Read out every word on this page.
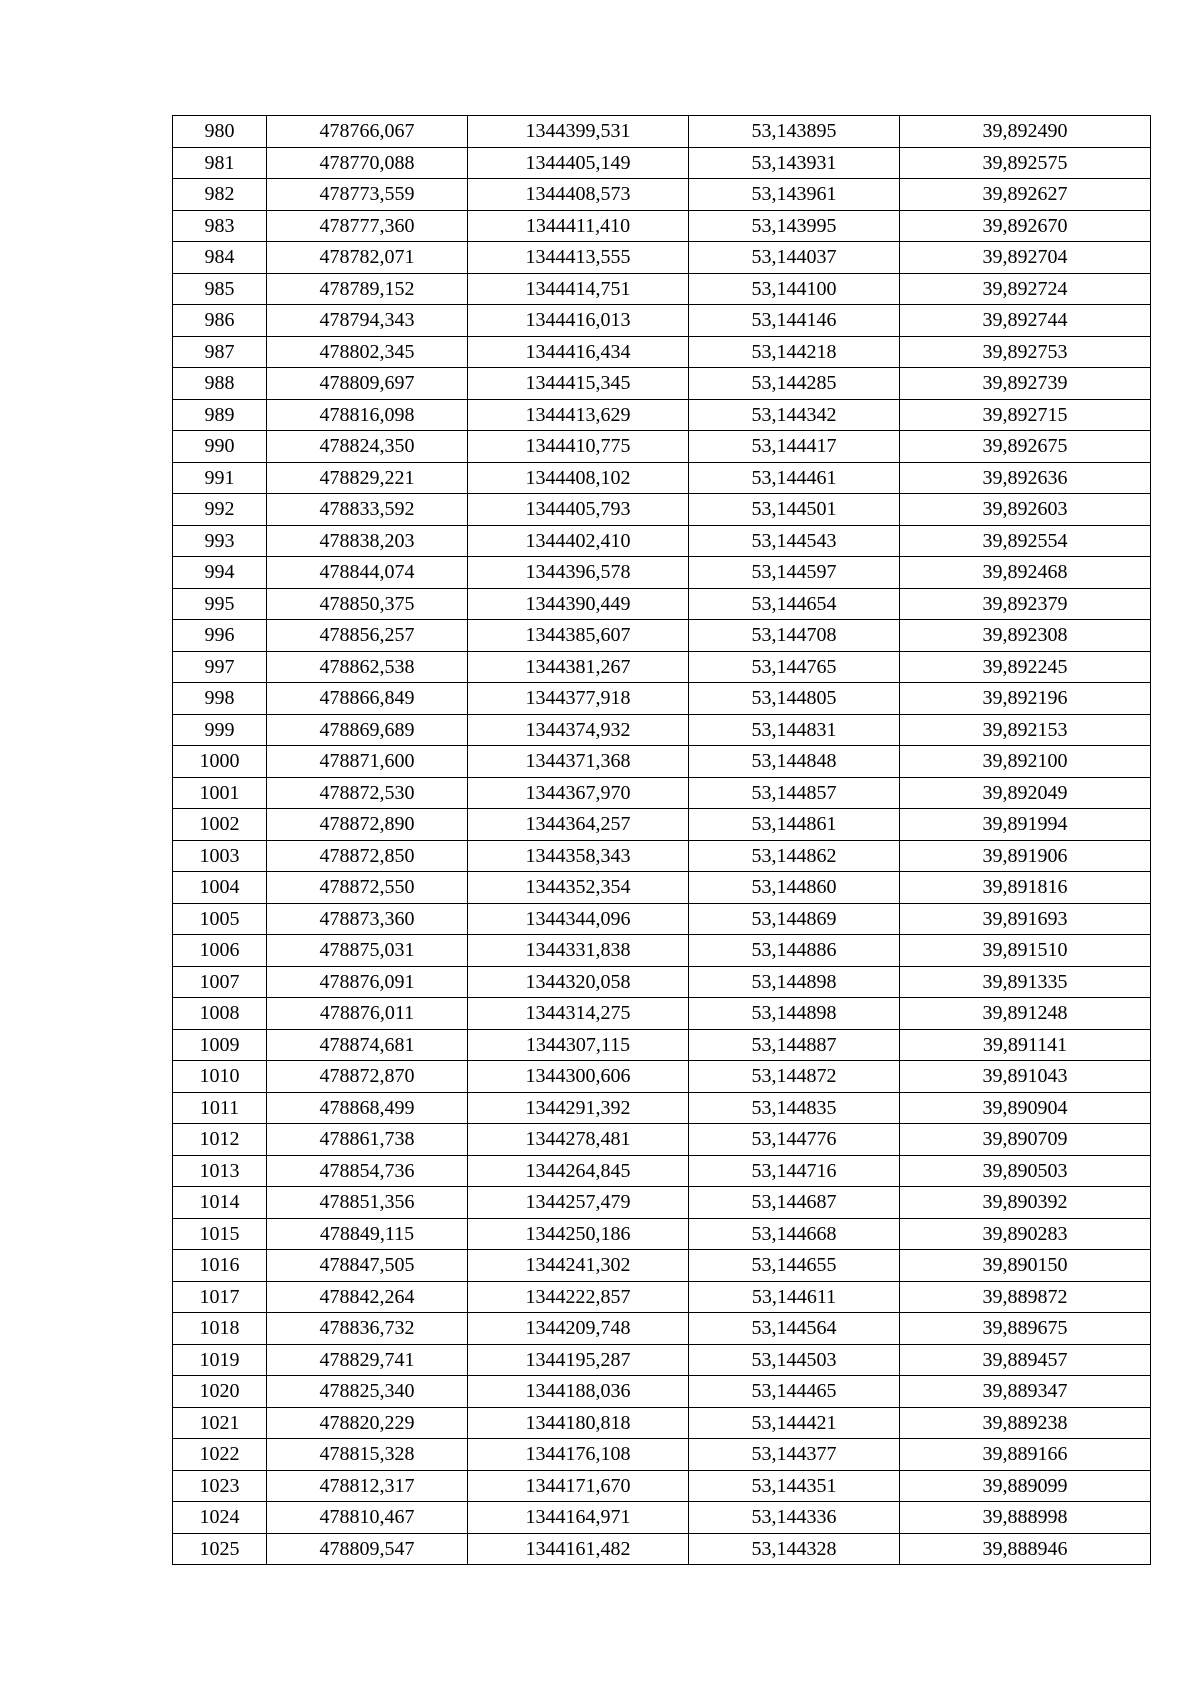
980	478766,067	1344399,531	53,143895	39,892490
981	478770,088	1344405,149	53,143931	39,892575
982	478773,559	1344408,573	53,143961	39,892627
983	478777,360	1344411,410	53,143995	39,892670
984	478782,071	1344413,555	53,144037	39,892704
985	478789,152	1344414,751	53,144100	39,892724
986	478794,343	1344416,013	53,144146	39,892744
987	478802,345	1344416,434	53,144218	39,892753
988	478809,697	1344415,345	53,144285	39,892739
989	478816,098	1344413,629	53,144342	39,892715
990	478824,350	1344410,775	53,144417	39,892675
991	478829,221	1344408,102	53,144461	39,892636
992	478833,592	1344405,793	53,144501	39,892603
993	478838,203	1344402,410	53,144543	39,892554
994	478844,074	1344396,578	53,144597	39,892468
995	478850,375	1344390,449	53,144654	39,892379
996	478856,257	1344385,607	53,144708	39,892308
997	478862,538	1344381,267	53,144765	39,892245
998	478866,849	1344377,918	53,144805	39,892196
999	478869,689	1344374,932	53,144831	39,892153
1000	478871,600	1344371,368	53,144848	39,892100
1001	478872,530	1344367,970	53,144857	39,892049
1002	478872,890	1344364,257	53,144861	39,891994
1003	478872,850	1344358,343	53,144862	39,891906
1004	478872,550	1344352,354	53,144860	39,891816
1005	478873,360	1344344,096	53,144869	39,891693
1006	478875,031	1344331,838	53,144886	39,891510
1007	478876,091	1344320,058	53,144898	39,891335
1008	478876,011	1344314,275	53,144898	39,891248
1009	478874,681	1344307,115	53,144887	39,891141
1010	478872,870	1344300,606	53,144872	39,891043
1011	478868,499	1344291,392	53,144835	39,890904
1012	478861,738	1344278,481	53,144776	39,890709
1013	478854,736	1344264,845	53,144716	39,890503
1014	478851,356	1344257,479	53,144687	39,890392
1015	478849,115	1344250,186	53,144668	39,890283
1016	478847,505	1344241,302	53,144655	39,890150
1017	478842,264	1344222,857	53,144611	39,889872
1018	478836,732	1344209,748	53,144564	39,889675
1019	478829,741	1344195,287	53,144503	39,889457
1020	478825,340	1344188,036	53,144465	39,889347
1021	478820,229	1344180,818	53,144421	39,889238
1022	478815,328	1344176,108	53,144377	39,889166
1023	478812,317	1344171,670	53,144351	39,889099
1024	478810,467	1344164,971	53,144336	39,888998
1025	478809,547	1344161,482	53,144328	39,888946
